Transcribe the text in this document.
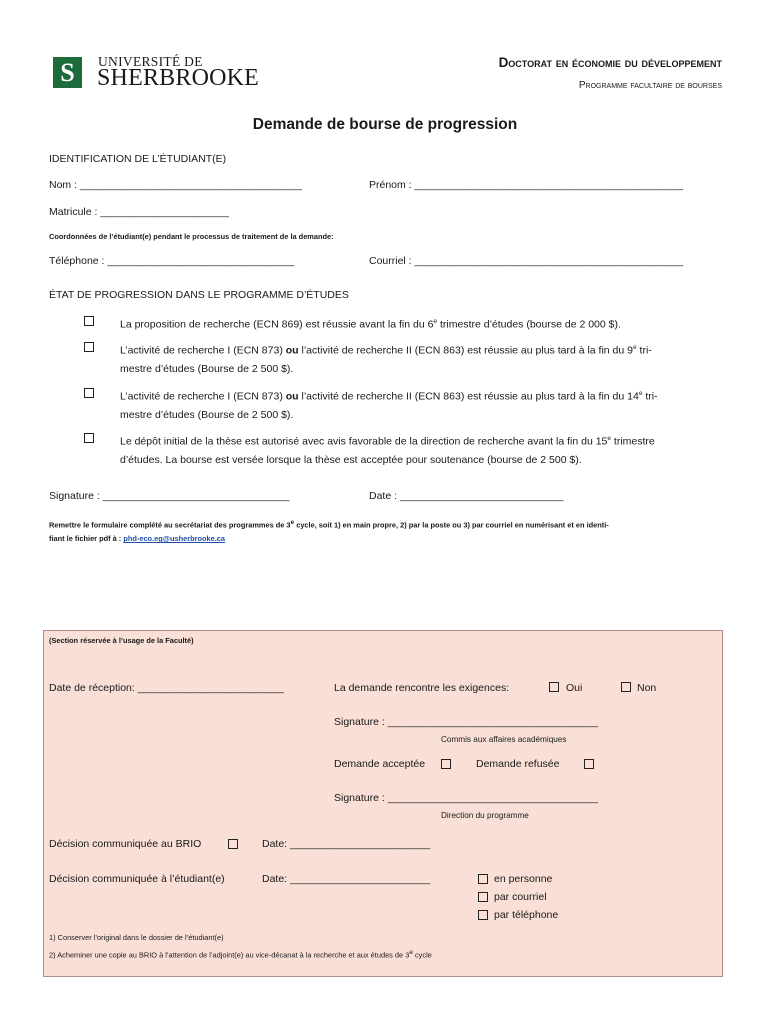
S UNIVERSITÉ DE
SHERBROOKE
Doctorat en économie du développement
Programme facultaire de bourses
Demande de bourse de progression
IDENTIFICATION DE L’ÉTUDIANT(E)
Nom : ______________________________________	Prénom : ______________________________________________
Matricule : ______________________
Coordonnées de l’étudiant(e) pendant le processus de traitement de la demande:
Téléphone : ________________________________	Courriel : ______________________________________________
ÉTAT DE PROGRESSION DANS LE PROGRAMME D’ÉTUDES
La proposition de recherche (ECN 869) est réussie avant la fin du 6e trimestre d’études (bourse de 2 000 $).
L’activité de recherche I (ECN 873) ou l’activité de recherche II (ECN 863) est réussie au plus tard à la fin du 9e tri-
mestre d’études (Bourse de 2 500 $).
L’activité de recherche I (ECN 873) ou l’activité de recherche II (ECN 863) est réussie au plus tard à la fin du 14e tri-
mestre d’études (Bourse de 2 500 $).
Le dépôt initial de la thèse est autorisé avec avis favorable de la direction de recherche avant la fin du 15e trimestre
d’études. La bourse est versée lorsque la thèse est acceptée pour soutenance (bourse de 2 500 $).
Signature : ________________________________	Date : ____________________________
Remettre le formulaire complété au secrétariat des programmes de 3e cycle, soit 1) en main propre, 2) par la poste ou 3) par courriel en numérisant et en identi-
fiant le fichier pdf à : phd-eco.eg@usherbrooke.ca
(Section réservée à l’usage de la Faculté)
Date de réception: _________________________	La demande rencontre les exigences:	Oui	Non
Signature : ____________________________________
Commis aux affaires académiques
Demande acceptée	Demande refusée
Signature : ____________________________________
Direction du programme
Décision communiquée au BRIO	Date: ________________________
Décision communiquée à l’étudiant(e)	Date: ________________________	en personne
par courriel
par téléphone
1) Conserver l’original dans le dossier de l’étudiant(e)
2) Acheminer une copie au BRIO à l’attention de l’adjoint(e) au vice-décanat à la recherche et aux études de 3e cycle
